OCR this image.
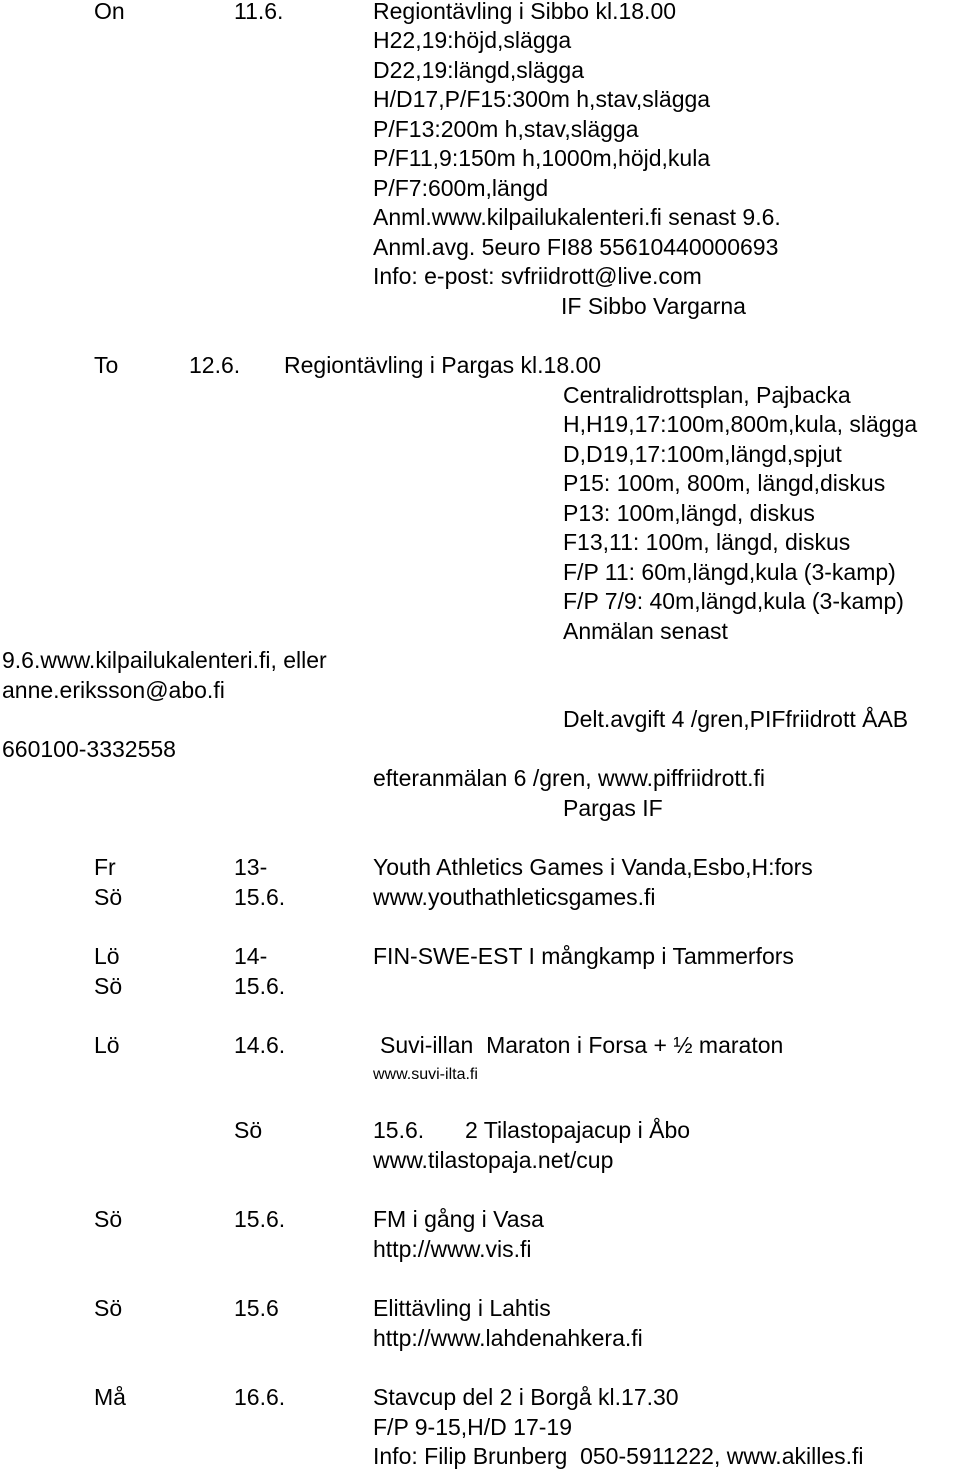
On	11.6.	Regiontävling i Sibbo kl.18.00

H22,19:höjd,slägga

D22,19:längd,slägga

H/D17,P/F15:300m h,stav,slägga

P/F13:200m h,stav,slägga

P/F11,9:150m h,1000m,höjd,kula

P/F7:600m,längd

Anml.www.kilpailukalenteri.fi senast 9.6.

Anml.avg. 5euro FI88 55610440000693

Info: e-post: svfriidrott@live.com

IF Sibbo Vargarna

To	12.6. Regiontävling i Pargas kl.18.00

Centralidrottsplan, Pajbacka

H,H19,17:100m,800m,kula, slägga

D,D19,17:100m,längd,spjut

P15: 100m, 800m, längd,diskus

P13: 100m,längd, diskus

F13,11: 100m, längd, diskus

F/P 11: 60m,längd,kula (3-kamp)

F/P 7/9: 40m,längd,kula (3-kamp)

Anmälan senast

9.6.www.kilpailukalenteri.fi, eller

anne.eriksson@abo.fi

Delt.avgift 4 /gren,PIFfriidrott ÅAB

660100-3332558

efteranmälan 6 /gren, www.piffriidrott.fi

Pargas IF

Fr	13-	Youth Athletics Games i Vanda,Esbo,H:fors

Sö	15.6.	www.youthathleticsgames.fi

Lö	14-	FIN-SWE-EST I mångkamp i Tammerfors

Sö	15.6.

Lö	14.6.	Suvi-illan  Maraton i Forsa + ½ maraton

www.suvi-ilta.fi

Sö	15.6. 2 Tilastopajacup i Åbo

www.tilastopaja.net/cup

Sö	15.6.	FM i gång i Vasa

http://www.vis.fi

Sö	15.6	Elittävling i Lahtis

http://www.lahdenahkera.fi

Må	16.6.	Stavcup del 2 i Borgå kl.17.30

F/P 9-15,H/D 17-19

Info: Filip Brunberg  050-5911222, www.akilles.fi
